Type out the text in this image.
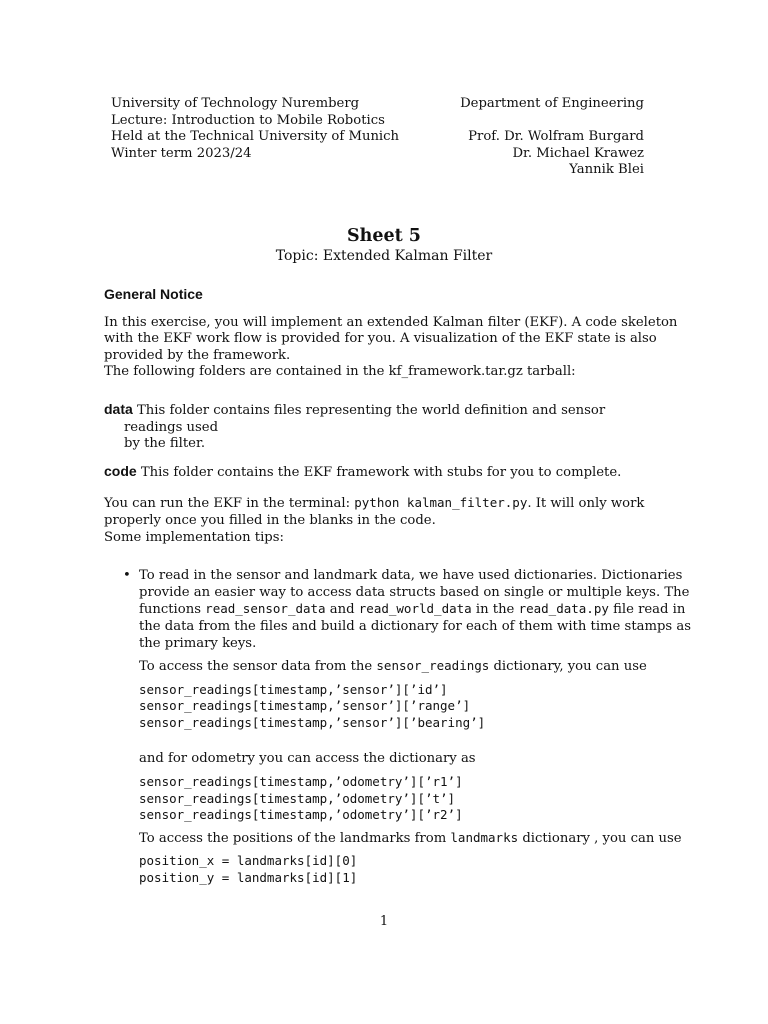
University of Technology Nuremberg
Lecture: Introduction to Mobile Robotics
Held at the Technical University of Munich
Winter term 2023/24
Department of Engineering
Prof. Dr. Wolfram Burgard
Dr. Michael Krawez
Yannik Blei
Sheet 5
Topic: Extended Kalman Filter
General Notice

In this exercise, you will implement an extended Kalman filter (EKF). A code skeleton
with the EKF work flow is provided for you. A visualization of the EKF state is also
provided by the framework.

The following folders are contained in the kf_framework.tar.gz tarball:
data This folder contains files representing the world definition and sensor readings used
by the filter.
code This folder contains the EKF framework with stubs for you to complete.
You can run the EKF in the terminal: python kalman_filter.py. It will only work
properly once you filled in the blanks in the code.
Some implementation tips:
• To read in the sensor and landmark data, we have used dictionaries. Dictionaries
provide an easier way to access data structs based on single or multiple keys. The
functions read_sensor_data and read_world_data in the read_data.py file read in
the data from the files and build a dictionary for each of them with time stamps as
the primary keys.
To access the sensor data from the sensor_readings dictionary, you can use
sensor_readings[timestamp,’sensor’][’id’]
sensor_readings[timestamp,’sensor’][’range’]
sensor_readings[timestamp,’sensor’][’bearing’]
and for odometry you can access the dictionary as
sensor_readings[timestamp,’odometry’][’r1’]
sensor_readings[timestamp,’odometry’][’t’]
sensor_readings[timestamp,’odometry’][’r2’]
To access the positions of the landmarks from landmarks dictionary , you can use
position_x = landmarks[id][0]
position_y = landmarks[id][1]
1
